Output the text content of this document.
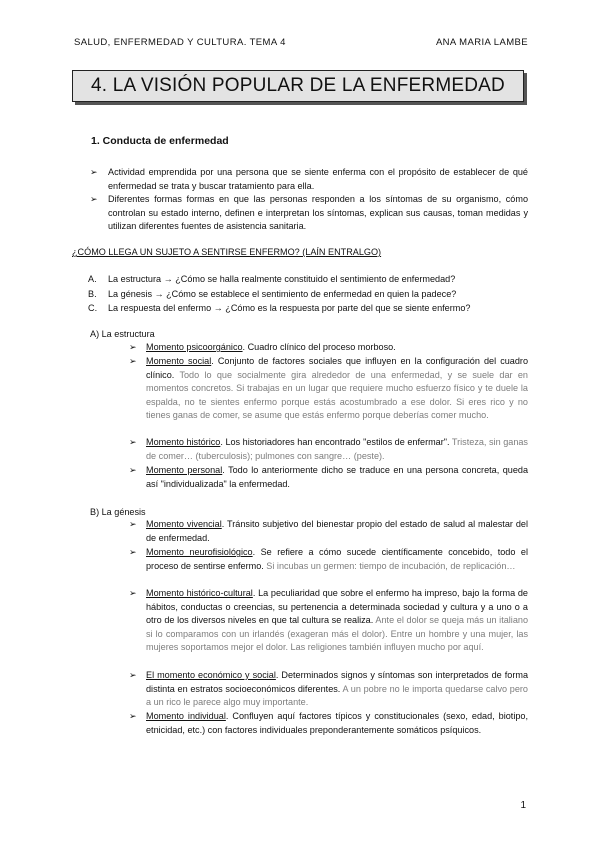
SALUD, ENFERMEDAD Y CULTURA. TEMA 4	ANA MARIA LAMBE
4. LA VISIÓN POPULAR DE LA ENFERMEDAD
1. Conducta de enfermedad
➢	Actividad emprendida por una persona que se siente enferma con el propósito de establecer de qué enfermedad se trata y buscar tratamiento para ella.
➢	Diferentes formas formas en que las personas responden a los síntomas de su organismo, cómo controlan su estado interno, definen e interpretan los síntomas, explican sus causas, toman medidas y utilizan diferentes fuentes de asistencia sanitaria.
¿CÓMO LLEGA UN SUJETO A SENTIRSE ENFERMO? (LAÍN ENTRALGO)
A.	La estructura → ¿Cómo se halla realmente constituido el sentimiento de enfermedad?
B.	La génesis → ¿Cómo se establece el sentimiento de enfermedad en quien la padece?
C.	La respuesta del enfermo → ¿Cómo es la respuesta por parte del que se siente enfermo?
A) La estructura
➢	Momento psicoorgánico. Cuadro clínico del proceso morboso.
➢	Momento social. Conjunto de factores sociales que influyen en la configuración del cuadro clínico. Todo lo que socialmente gira alrededor de una enfermedad, y se suele dar en momentos concretos. Si trabajas en un lugar que requiere mucho esfuerzo físico y te duele la espalda, no te sientes enfermo porque estás acostumbrado a ese dolor. Si eres rico y no tienes ganas de comer, se asume que estás enfermo porque deberías comer mucho.
➢	Momento histórico. Los historiadores han encontrado "estilos de enfermar". Tristeza, sin ganas de comer… (tuberculosis); pulmones con sangre… (peste).
➢	Momento personal. Todo lo anteriormente dicho se traduce en una persona concreta, queda así "individualizada" la enfermedad.
B) La génesis
➢	Momento vivencial. Tránsito subjetivo del bienestar propio del estado de salud al malestar del de enfermedad.
➢	Momento neurofisiológico. Se refiere a cómo sucede científicamente concebido, todo el proceso de sentirse enfermo. Si incubas un germen: tiempo de incubación, de replicación…
➢	Momento histórico-cultural. La peculiaridad que sobre el enfermo ha impreso, bajo la forma de hábitos, conductas o creencias, su pertenencia a determinada sociedad y cultura y a uno o a otro de los diversos niveles en que tal cultura se realiza. Ante el dolor se queja más un italiano si lo comparamos con un irlandés (exageran más el dolor). Entre un hombre y una mujer, las mujeres soportamos mejor el dolor. Las religiones también influyen mucho por aquí.
➢	El momento económico y social. Determinados signos y síntomas son interpretados de forma distinta en estratos socioeconómicos diferentes. A un pobre no le importa quedarse calvo pero a un rico le parece algo muy importante.
➢	Momento individual. Confluyen aquí factores típicos y constitucionales (sexo, edad, biotipo, etnicidad, etc.) con factores individuales preponderantemente somáticos psíquicos.
1
